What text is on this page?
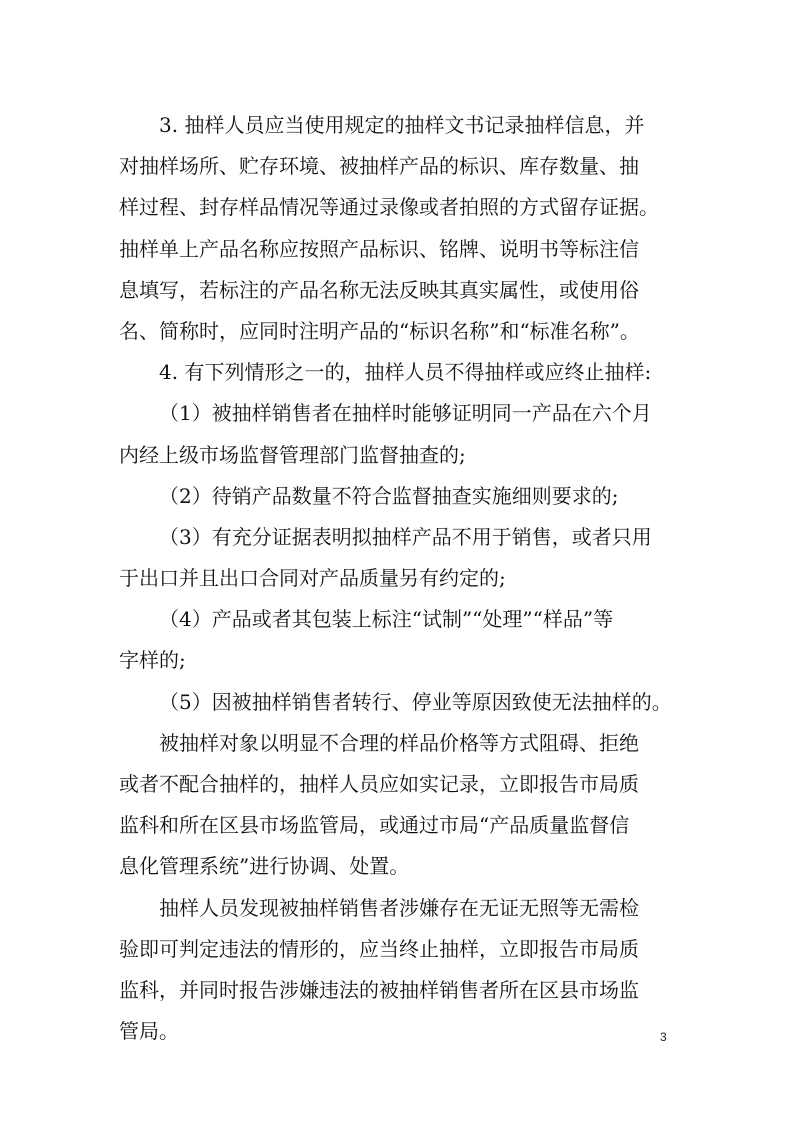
3. 抽样人员应当使用规定的抽样文书记录抽样信息，并
对抽样场所、贮存环境、被抽样产品的标识、库存数量、抽
样过程、封存样品情况等通过录像或者拍照的方式留存证据。
抽样单上产品名称应按照产品标识、铭牌、说明书等标注信
息填写，若标注的产品名称无法反映其真实属性，或使用俗
名、简称时，应同时注明产品的“标识名称”和“标准名称”。
4. 有下列情形之一的，抽样人员不得抽样或应终止抽样:
（1）被抽样销售者在抽样时能够证明同一产品在六个月
内经上级市场监督管理部门监督抽查的;
（2）待销产品数量不符合监督抽查实施细则要求的;
（3）有充分证据表明拟抽样产品不用于销售，或者只用
于出口并且出口合同对产品质量另有约定的;
（4）产品或者其包装上标注“试制”“处理”“样品”等
字样的;
（5）因被抽样销售者转行、停业等原因致使无法抽样的。
被抽样对象以明显不合理的样品价格等方式阻碍、拒绝
或者不配合抽样的，抽样人员应如实记录，立即报告市局质
监科和所在区县市场监管局，或通过市局“产品质量监督信
息化管理系统”进行协调、处置。
抽样人员发现被抽样销售者涉嫌存在无证无照等无需检
验即可判定违法的情形的，应当终止抽样，立即报告市局质
监科，并同时报告涉嫌违法的被抽样销售者所在区县市场监
管局。	3
